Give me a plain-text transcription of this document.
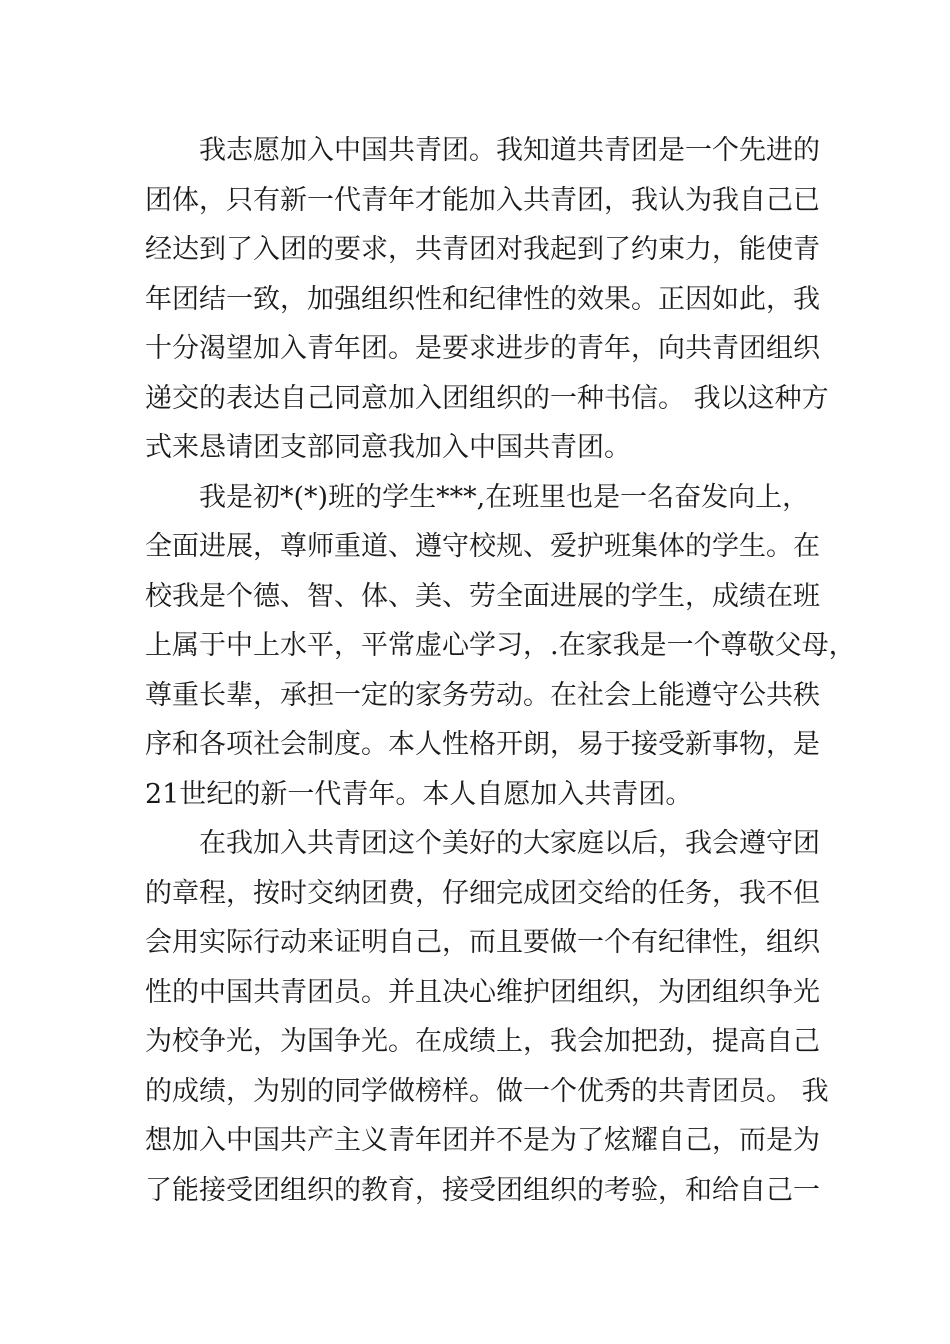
我志愿加入中国共青团。我知道共青团是一个先进的
团体，只有新一代青年才能加入共青团，我认为我自己已
经达到了入团的要求，共青团对我起到了约束力，能使青
年团结一致，加强组织性和纪律性的效果。正因如此，我
十分渴望加入青年团。是要求进步的青年，向共青团组织
递交的表达自己同意加入团组织的一种书信。 我以这种方
式来恳请团支部同意我加入中国共青团。
我是初*(*)班的学生***,在班里也是一名奋发向上，
全面进展，尊师重道、遵守校规、爱护班集体的学生。在
校我是个德、智、体、美、劳全面进展的学生，成绩在班
上属于中上水平，平常虚心学习，.在家我是一个尊敬父母，
尊重长辈，承担一定的家务劳动。在社会上能遵守公共秩
序和各项社会制度。本人性格开朗，易于接受新事物，是
21世纪的新一代青年。本人自愿加入共青团。
在我加入共青团这个美好的大家庭以后，我会遵守团
的章程，按时交纳团费，仔细完成团交给的任务，我不但
会用实际行动来证明自己，而且要做一个有纪律性，组织
性的中国共青团员。并且决心维护团组织，为团组织争光
为校争光，为国争光。在成绩上，我会加把劲，提高自己
的成绩，为别的同学做榜样。做一个优秀的共青团员。 我
想加入中国共产主义青年团并不是为了炫耀自己，而是为
了能接受团组织的教育，接受团组织的考验，和给自己一
